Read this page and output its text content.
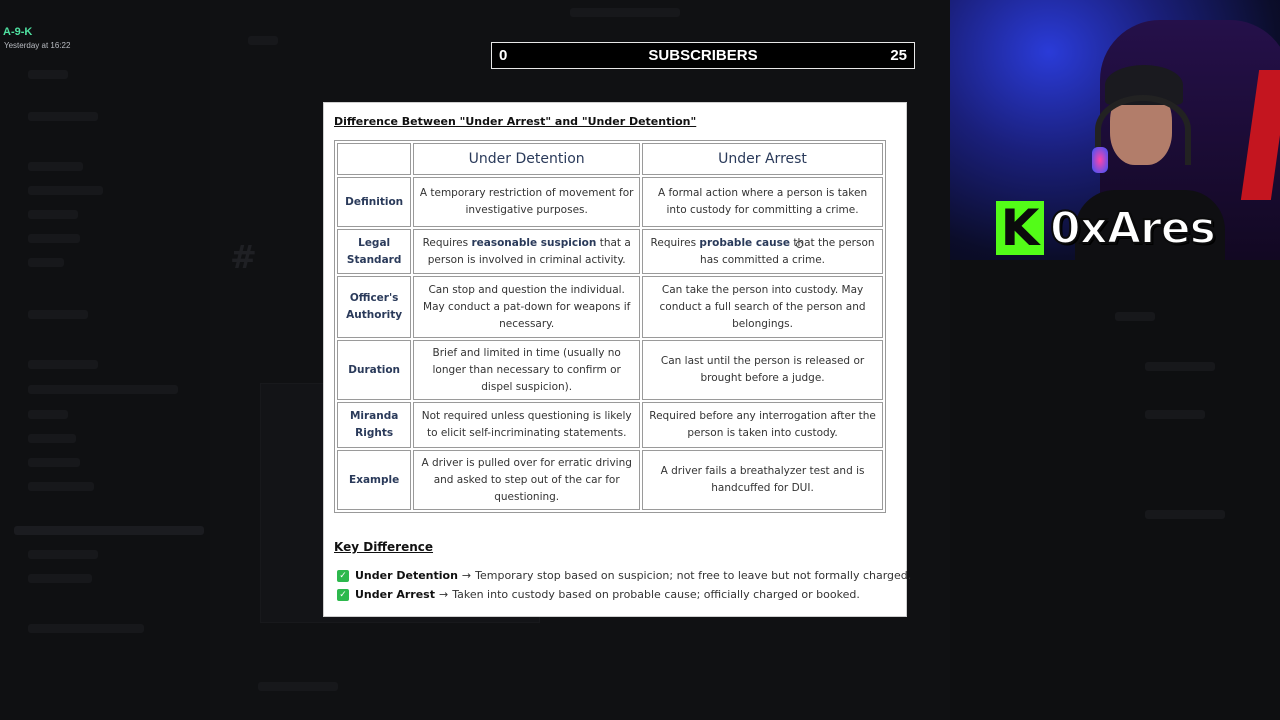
#
A-9-K
Yesterday at 16:22
0	SUBSCRIBERS	25
K 0xAres
Difference Between "Under Arrest" and "Under Detention"
	Under Detention	Under Arrest
Definition	A temporary restriction of movement for investigative purposes.	A formal action where a person is taken into custody for committing a crime.
Legal Standard	Requires reasonable suspicion that a person is involved in criminal activity.	Requires probable cause that the person has committed a crime.
Officer's Authority	Can stop and question the individual. May conduct a pat-down for weapons if necessary.	Can take the person into custody. May conduct a full search of the person and belongings.
Duration	Brief and limited in time (usually no longer than necessary to confirm or dispel suspicion).	Can last until the person is released or brought before a judge.
Miranda Rights	Not required unless questioning is likely to elicit self-incriminating statements.	Required before any interrogation after the person is taken into custody.
Example	A driver is pulled over for erratic driving and asked to step out of the car for questioning.	A driver fails a breathalyzer test and is handcuffed for DUI.
Key Difference
✓ Under Detention → Temporary stop based on suspicion; not free to leave but not formally charged.
✓ Under Arrest → Taken into custody based on probable cause; officially charged or booked.
